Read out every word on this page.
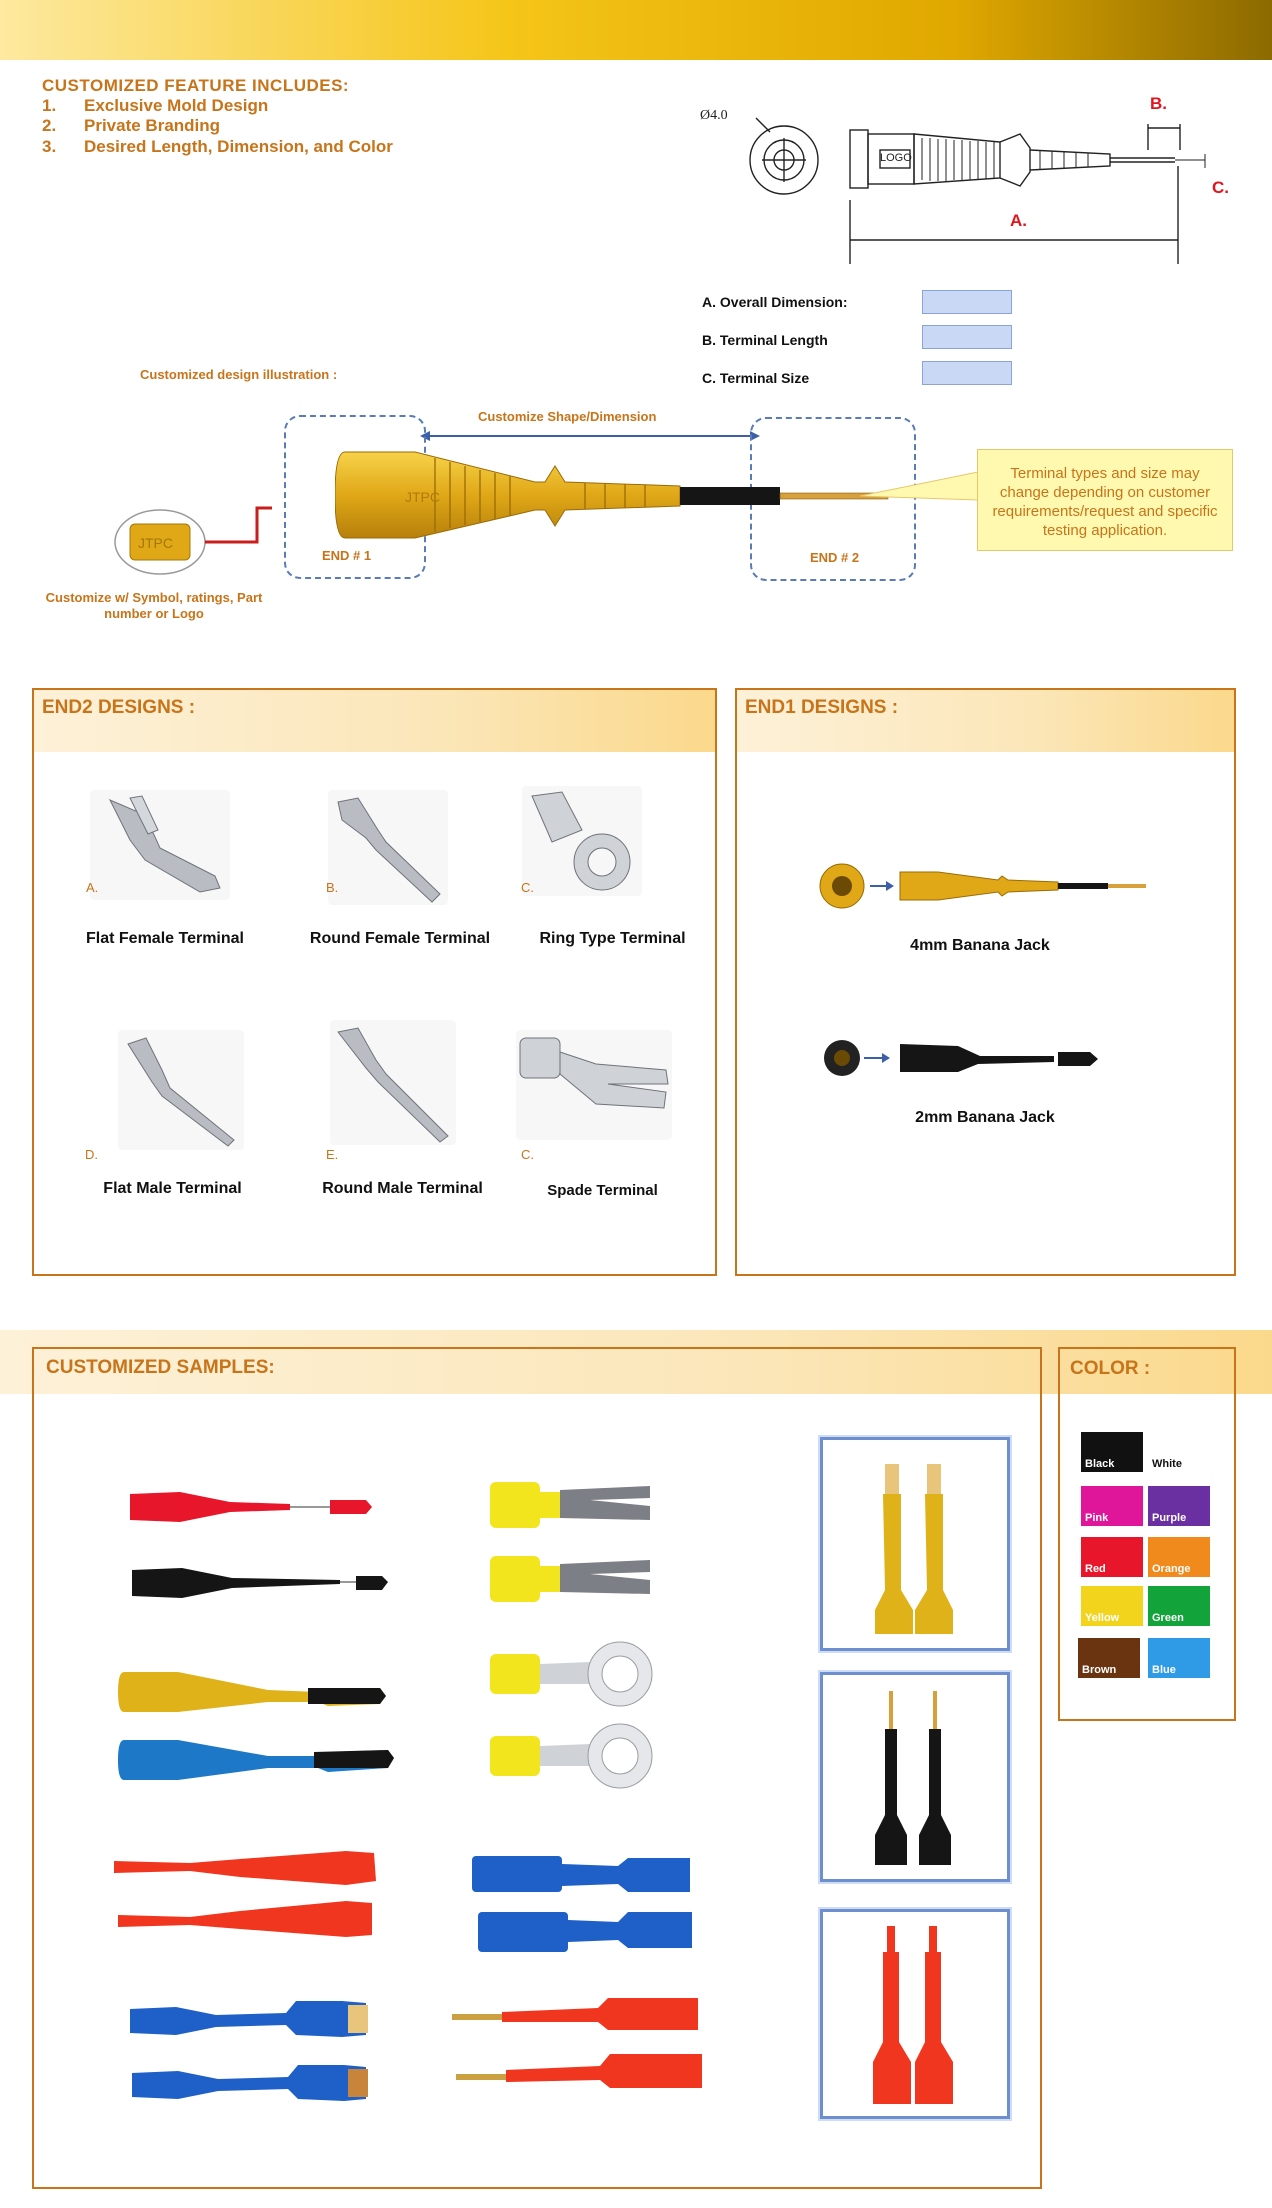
CUSTOMIZED FEATURE INCLUDES:
1. Exclusive Mold Design
2. Private Branding
3. Desired Length, Dimension, and Color
Ø4.0
LOGO
A.
B.
C.
A. Overall Dimension:
B. Terminal Length
C. Terminal Size
Customized design illustration :
Customize Shape/Dimension
END # 1	END # 2
JTPC
JTPC
Customize w/ Symbol, ratings, Part number or Logo
Terminal types and size may change depending on customer requirements/request and specific testing application.
END2 DESIGNS :
A.
Flat Female Terminal
B.
Round Female Terminal
C.
Ring Type Terminal
D.
Flat Male Terminal
E.
Round Male Terminal
C.
Spade Terminal
END1 DESIGNS :
4mm Banana Jack
2mm Banana Jack
CUSTOMIZED SAMPLES:	COLOR :
Black	White
Pink	Purple
Red	Orange
Yellow	Green
Brown	Blue
